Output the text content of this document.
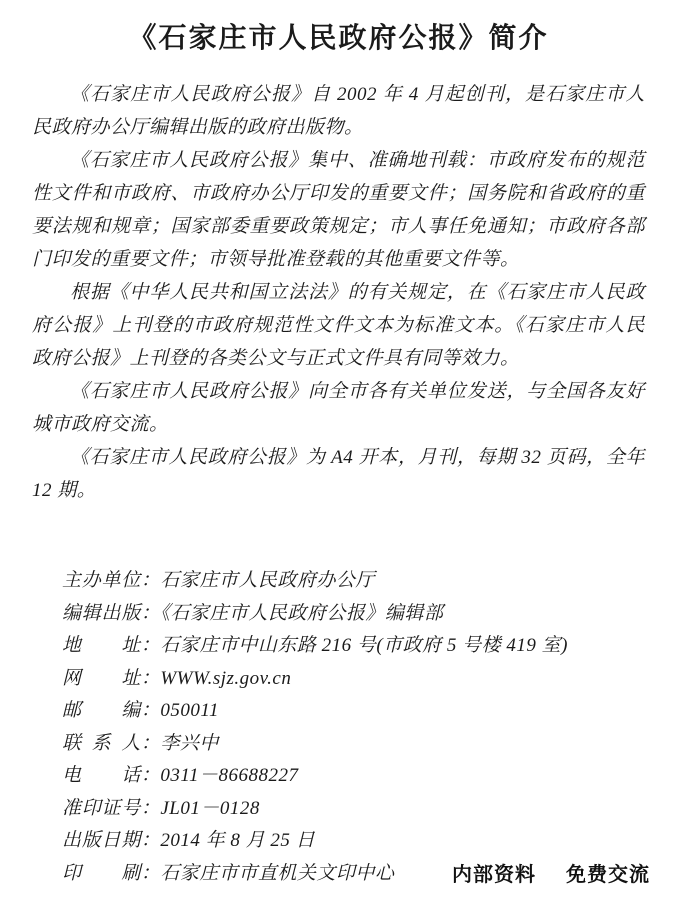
《石家庄市人民政府公报》简介

《石家庄市人民政府公报》自 2002 年 4 月起创刊，是石家庄市人民政府办公厅编辑出版的政府出版物。

《石家庄市人民政府公报》集中、准确地刊载：市政府发布的规范性文件和市政府、市政府办公厅印发的重要文件；国务院和省政府的重要法规和规章；国家部委重要政策规定；市人事任免通知；市政府各部门印发的重要文件；市领导批准登载的其他重要文件等。

根据《中华人民共和国立法法》的有关规定，在《石家庄市人民政府公报》上刊登的市政府规范性文件文本为标准文本。《石家庄市人民政府公报》上刊登的各类公文与正式文件具有同等效力。

《石家庄市人民政府公报》向全市各有关单位发送，与全国各友好城市政府交流。

《石家庄市人民政府公报》为 A4 开本，月刊，每期 32 页码，全年 12 期。

主办单位：石家庄市人民政府办公厅
编辑出版：《石家庄市人民政府公报》编辑部
地址：石家庄市中山东路 216 号(市政府 5 号楼 419 室)
网址：WWW.sjz.gov.cn
邮编：050011
联系人：李兴中
电话：0311－86688227
准印证号：JL01－0128
出版日期：2014 年 8 月 25 日
印刷：石家庄市市直机关文印中心	内部资料 免费交流
